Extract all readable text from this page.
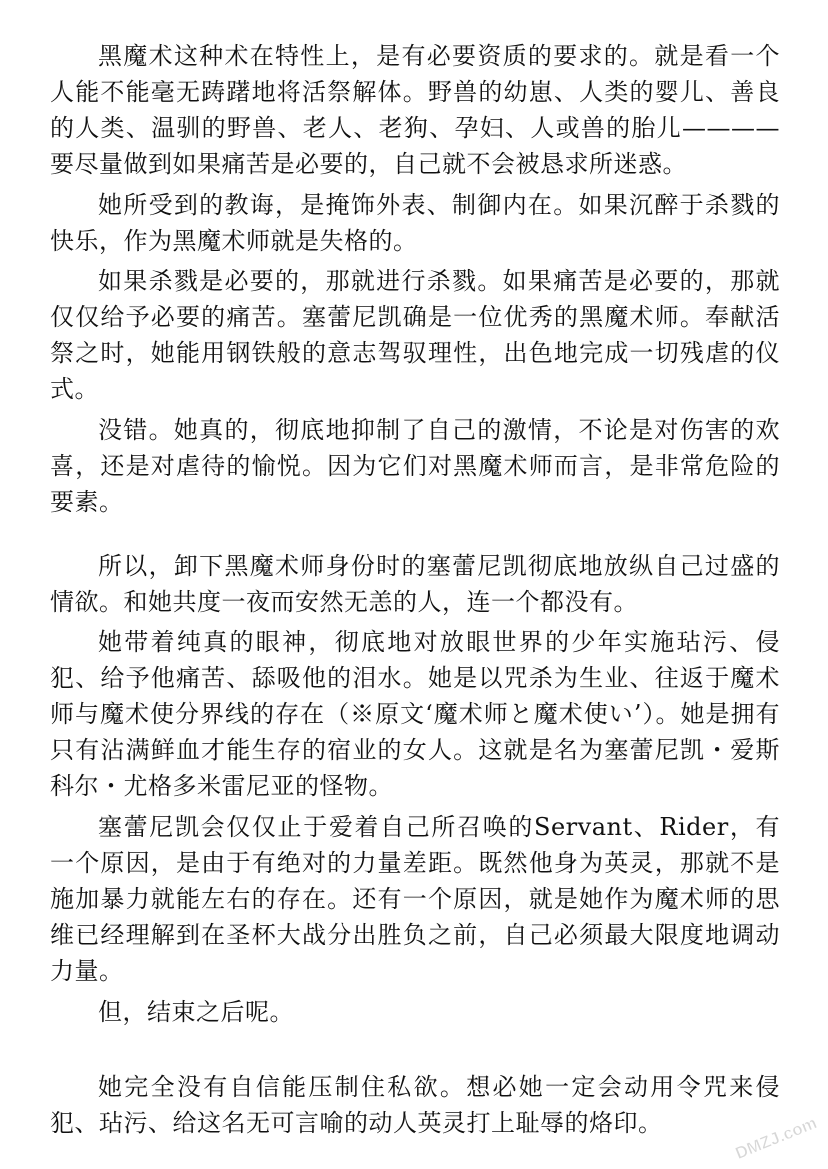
黑魔术这种术在特性上，是有必要资质的要求的。就是看一个人能不能毫无踌躇地将活祭解体。野兽的幼崽、人类的婴儿、善良的人类、温驯的野兽、老人、老狗、孕妇、人或兽的胎儿————要尽量做到如果痛苦是必要的，自己就不会被恳求所迷惑。

她所受到的教诲，是掩饰外表、制御内在。如果沉醉于杀戮的快乐，作为黑魔术师就是失格的。

如果杀戮是必要的，那就进行杀戮。如果痛苦是必要的，那就仅仅给予必要的痛苦。塞蕾尼凯确是一位优秀的黑魔术师。奉献活祭之时，她能用钢铁般的意志驾驭理性，出色地完成一切残虐的仪式。

没错。她真的，彻底地抑制了自己的激情，不论是对伤害的欢喜，还是对虐待的愉悦。因为它们对黑魔术师而言，是非常危险的要素。

所以，卸下黑魔术师身份时的塞蕾尼凯彻底地放纵自己过盛的情欲。和她共度一夜而安然无恙的人，连一个都没有。

她带着纯真的眼神，彻底地对放眼世界的少年实施玷污、侵犯、给予他痛苦、舔吸他的泪水。她是以咒杀为生业、往返于魔术师与魔术使分界线的存在（※原文‘魔术师と魔术使い’）。她是拥有只有沾满鲜血才能生存的宿业的女人。这就是名为塞蕾尼凯・爱斯科尔・尤格多米雷尼亚的怪物。

塞蕾尼凯会仅仅止于爱着自己所召唤的Servant、Rider，有一个原因，是由于有绝对的力量差距。既然他身为英灵，那就不是施加暴力就能左右的存在。还有一个原因，就是她作为魔术师的思维已经理解到在圣杯大战分出胜负之前，自己必须最大限度地调动力量。

但，结束之后呢。

她完全没有自信能压制住私欲。想必她一定会动用令咒来侵犯、玷污、给这名无可言喻的动人英灵打上耻辱的烙印。	DMZJ.com
